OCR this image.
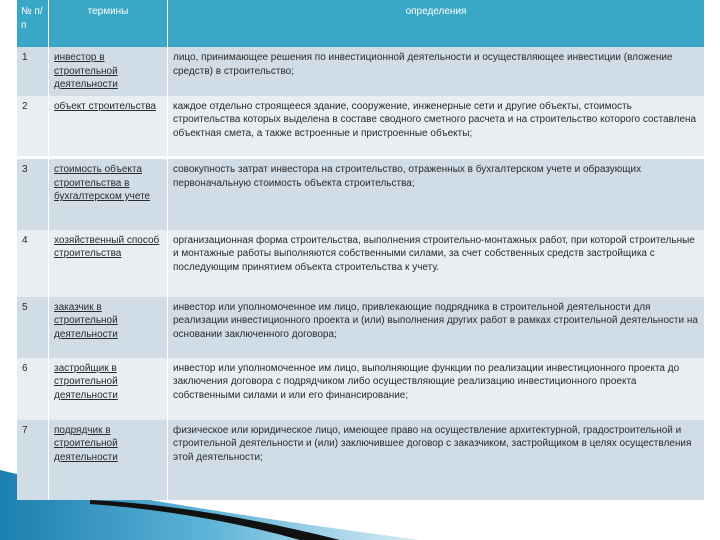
№ п/п	термины	определения
1	инвестор в строительной деятельности	лицо, принимающее решения по инвестиционной деятельности и осуществляющее инвестиции (вложение средств) в строительство;
2	объект строительства	каждое отдельно строящееся здание, сооружение, инженерные сети и другие объекты, стоимость строительства которых выделена в составе сводного сметного расчета и на строительство которого составлена объектная смета, а также встроенные и пристроенные объекты;
3	стоимость объекта строительства в бухгалтерском учете	совокупность затрат инвестора на строительство, отраженных в бухгалтерском учете и образующих первоначальную стоимость объекта строительства;
4	хозяйственный способ строительства	организационная форма строительства, выполнения строительно-монтажных работ, при которой строительные и монтажные работы выполняются собственными силами, за счет собственных средств застройщика с последующим принятием объекта строительства к учету.
5	заказчик в строительной деятельности	инвестор или уполномоченное им лицо, привлекающие подрядника в строительной деятельности для реализации инвестиционного проекта и (или) выполнения других работ в рамках строительной деятельности на основании заключенного договора;
6	застройщик в строительной деятельности	инвестор или уполномоченное им лицо, выполняющие функции по реализации инвестиционного проекта до заключения договора с подрядчиком либо осуществляющие реализацию инвестиционного проекта собственными силами и или его финансирование;
7	подрядчик в строительной деятельности	физическое или юридическое лицо, имеющее право на осуществление архитектурной, градостроительной и строительной деятельности и (или) заключившее договор с заказчиком, застройщиком в целях осуществления этой деятельности;
